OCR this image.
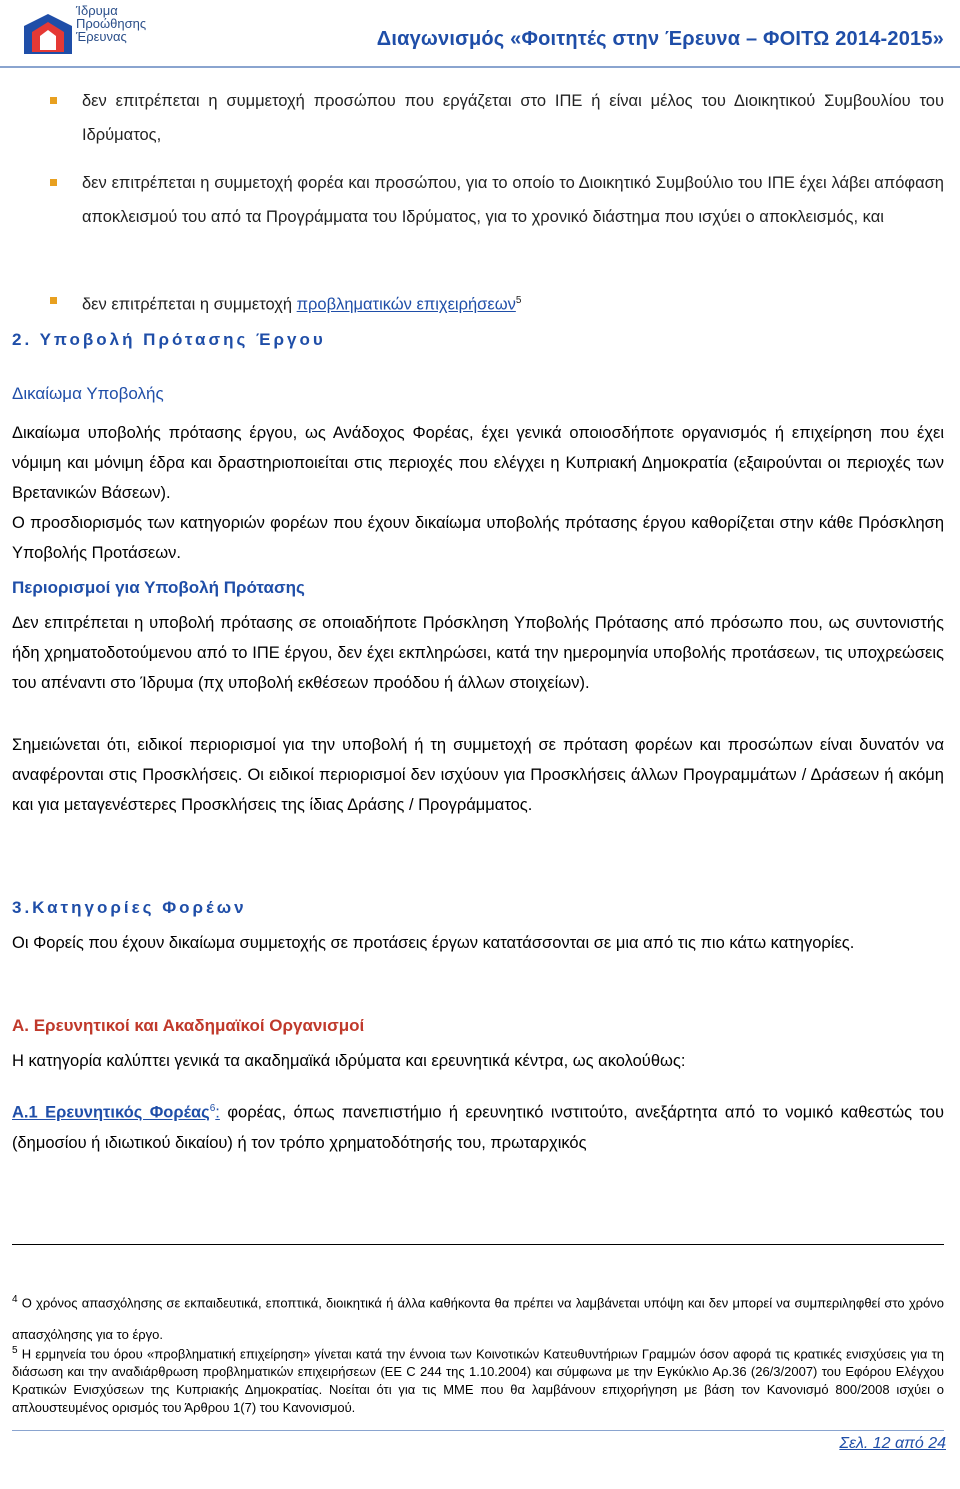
Ίδρυμα
Προώθησης
Έρευνας	Διαγωνισμός «Φοιτητές στην Έρευνα – ΦΟΙΤΩ 2014-2015»
δεν επιτρέπεται η συμμετοχή προσώπου που εργάζεται στο ΙΠΕ ή είναι μέλος του Διοικητικού Συμβουλίου του Ιδρύματος,
δεν επιτρέπεται η συμμετοχή φορέα και προσώπου, για το οποίο το Διοικητικό Συμβούλιο του ΙΠΕ έχει λάβει απόφαση αποκλεισμού του από τα Προγράμματα του Ιδρύματος, για το χρονικό διάστημα που ισχύει ο αποκλεισμός, και
δεν επιτρέπεται η συμμετοχή προβληματικών επιχειρήσεων$^5$
2. Υποβολή Πρότασης Έργου
Δικαίωμα Υποβολής
Δικαίωμα υποβολής πρότασης έργου, ως Ανάδοχος Φορέας, έχει γενικά οποιοσδήποτε οργανισμός ή επιχείρηση που έχει νόμιμη και μόνιμη έδρα και δραστηριοποιείται στις περιοχές που ελέγχει η Κυπριακή Δημοκρατία (εξαιρούνται οι περιοχές των Βρετανικών Βάσεων).
Ο προσδιορισμός των κατηγοριών φορέων που έχουν δικαίωμα υποβολής πρότασης έργου καθορίζεται στην κάθε Πρόσκληση Υποβολής Προτάσεων.
Περιορισμοί για Υποβολή Πρότασης
Δεν επιτρέπεται η υποβολή πρότασης σε οποιαδήποτε Πρόσκληση Υποβολής Πρότασης από πρόσωπο που, ως συντονιστής ήδη χρηματοδοτούμενου από το ΙΠΕ έργου, δεν έχει εκπληρώσει, κατά την ημερομηνία υποβολής προτάσεων, τις υποχρεώσεις του απέναντι στο Ίδρυμα (πχ υποβολή εκθέσεων προόδου ή άλλων στοιχείων).
Σημειώνεται ότι, ειδικοί περιορισμοί για την υποβολή ή τη συμμετοχή σε πρόταση φορέων και προσώπων είναι δυνατόν να αναφέρονται στις Προσκλήσεις. Οι ειδικοί περιορισμοί δεν ισχύουν για Προσκλήσεις άλλων Προγραμμάτων / Δράσεων ή ακόμη και για μεταγενέστερες Προσκλήσεις της ίδιας Δράσης / Προγράμματος.
3.Κατηγορίες Φορέων
Οι Φορείς που έχουν δικαίωμα συμμετοχής σε προτάσεις έργων κατατάσσονται σε μια από τις πιο κάτω κατηγορίες.
Α. Ερευνητικοί και Ακαδημαϊκοί Οργανισμοί
Η κατηγορία καλύπτει γενικά τα ακαδημαϊκά ιδρύματα και ερευνητικά κέντρα, ως ακολούθως:
Α.1 Ερευνητικός Φορέας$^6$: φορέας, όπως πανεπιστήμιο ή ερευνητικό ινστιτούτο, ανεξάρτητα από το νομικό καθεστώς του (δημοσίου ή ιδιωτικού δικαίου) ή τον τρόπο χρηματοδότησής του, πρωταρχικός
$^4$ Ο χρόνος απασχόλησης σε εκπαιδευτικά, εποπτικά, διοικητικά ή άλλα καθήκοντα θα πρέπει να λαμβάνεται υπόψη και δεν μπορεί να συμπεριληφθεί στο χρόνο απασχόλησης για το έργο.
$^5$ Η ερμηνεία του όρου «προβληματική επιχείρηση» γίνεται κατά την έννοια των Κοινοτικών Κατευθυντήριων Γραμμών όσον αφορά τις κρατικές ενισχύσεις για τη διάσωση και την αναδιάρθρωση προβληματικών επιχειρήσεων (ΕΕ C 244 της 1.10.2004) και σύμφωνα με την Εγκύκλιο Αρ.36 (26/3/2007) του Εφόρου Ελέγχου Κρατικών Ενισχύσεων της Κυπριακής Δημοκρατίας. Νοείται ότι για τις ΜΜΕ που θα λαμβάνουν επιχορήγηση με βάση τον Κανονισμό 800/2008 ισχύει ο απλουστευμένος ορισμός του Άρθρου 1(7) του Κανονισμού.
Σελ. 12 από 24
